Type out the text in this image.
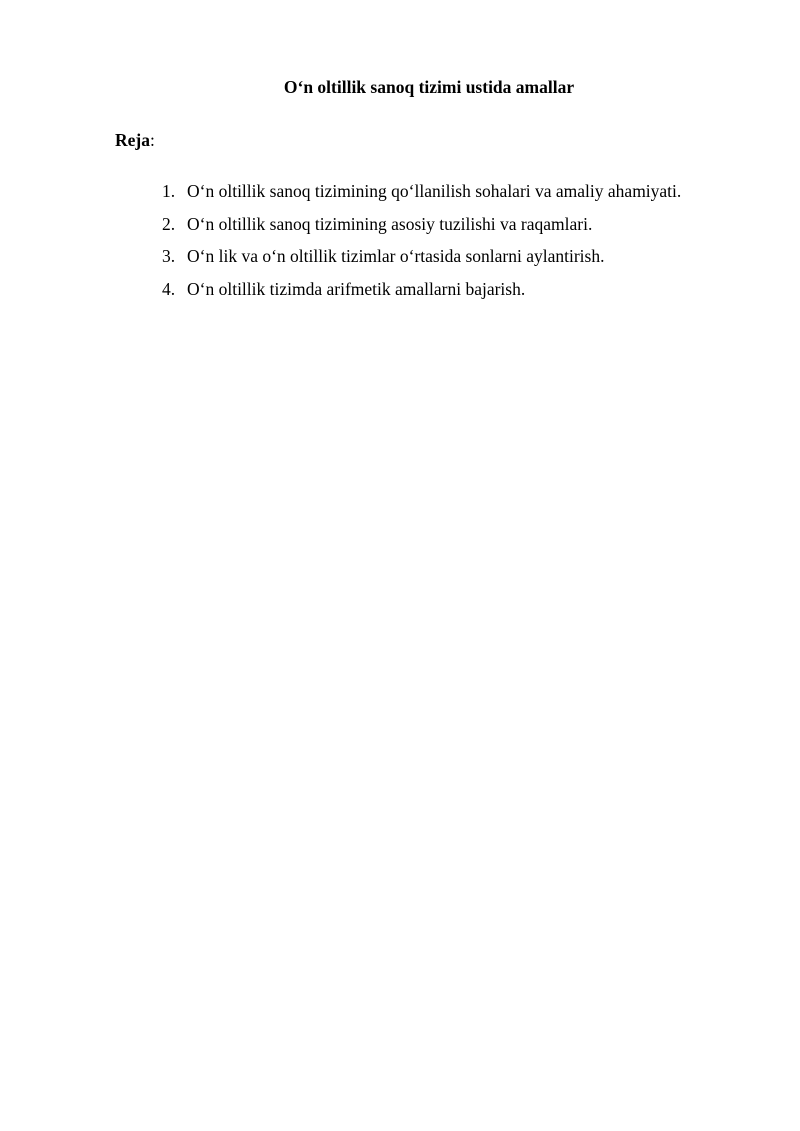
O‘n oltillik sanoq tizimi ustida amallar

Reja:

1. O‘n oltillik sanoq tizimining qo‘llanilish sohalari va amaliy ahamiyati.
2. O‘n oltillik sanoq tizimining asosiy tuzilishi va raqamlari.
3. O‘n lik va o‘n oltillik tizimlar o‘rtasida sonlarni aylantirish.
4. O‘n oltillik tizimda arifmetik amallarni bajarish.
